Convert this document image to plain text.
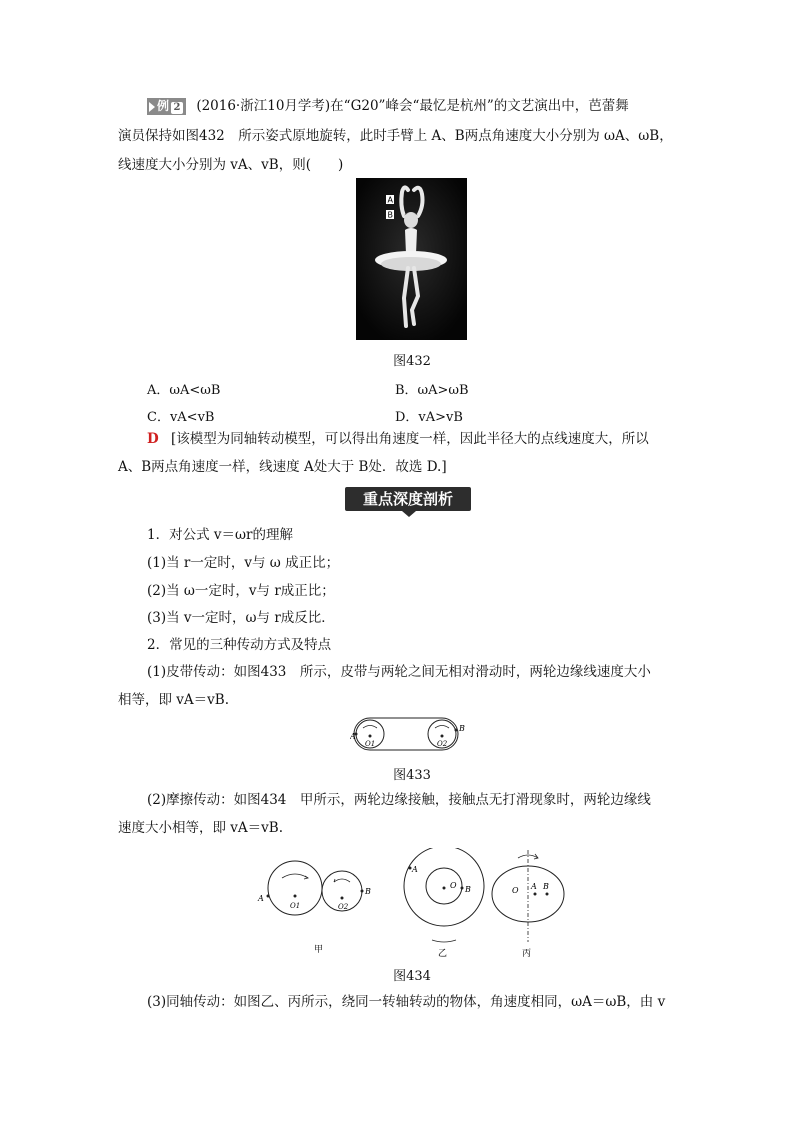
例 2 (2016·浙江10月学考)在“G20”峰会“最忆是杭州”的文艺演出中，芭蕾舞
演员保持如图432　所示姿式原地旋转，此时手臂上 A、B两点角速度大小分别为 ωA、ωB，
线速度大小分别为 vA、vB，则(　　)
A
B
图432
A．ωA<ωB	B．ωA>ωB
C．vA<vB	D．vA>vB
D [该模型为同轴转动模型，可以得出角速度一样，因此半径大的点线速度大，所以
A、B两点角速度一样，线速度 A处大于 B处．故选 D.]
重点深度剖析
1．对公式 v＝ωr的理解
(1)当 r一定时，v与 ω 成正比；
(2)当 ω一定时，v与 r成正比；
(3)当 v一定时，ω与 r成反比．
2．常见的三种传动方式及特点
(1)皮带传动：如图433　所示，皮带与两轮之间无相对滑动时，两轮边缘线速度大小
相等，即 vA＝vB.
A
B
O1	O2
图433
(2)摩擦传动：如图434　甲所示，两轮边缘接触，接触点无打滑现象时，两轮边缘线
速度大小相等，即 vA＝vB.
A
B
O1	O2
甲
A
B
O
乙
O A B
丙
图434
(3)同轴传动：如图乙、丙所示，绕同一转轴转动的物体，角速度相同，ωA＝ωB，由 v
